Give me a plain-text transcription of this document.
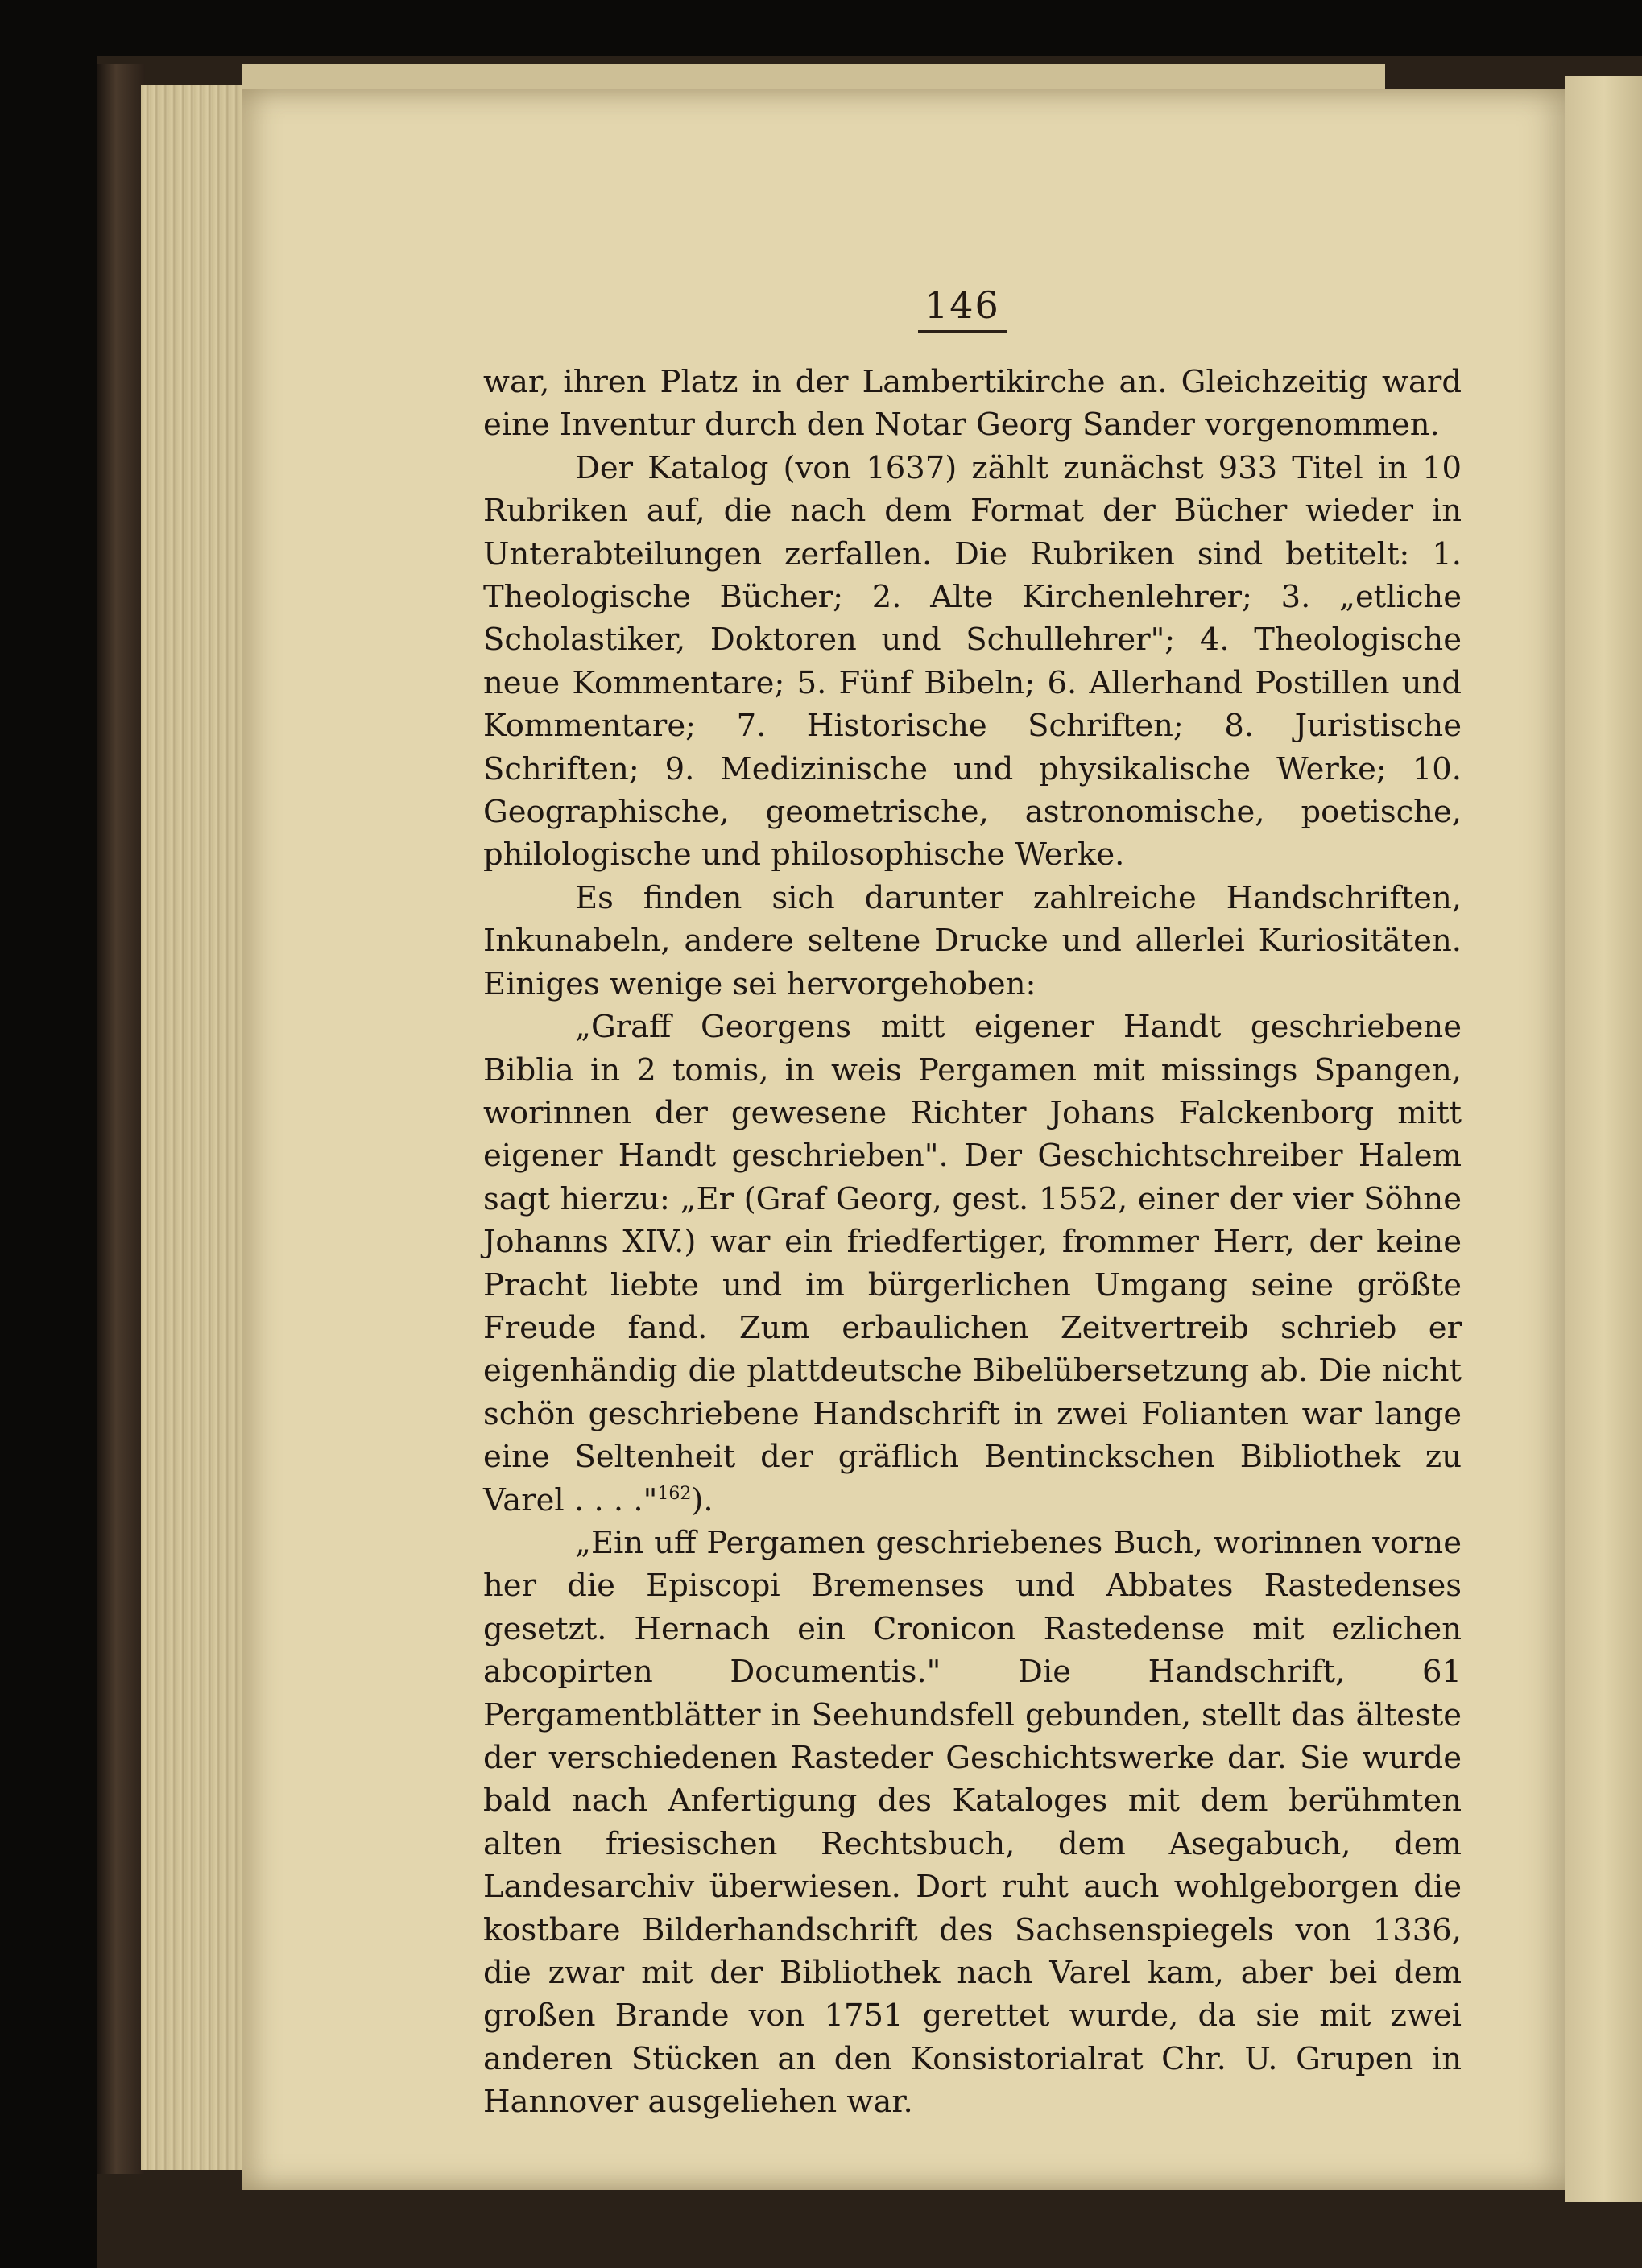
146

war, ihren Platz in der Lambertikirche an. Gleichzeitig ward eine Inventur durch den Notar Georg Sander vorgenommen.

Der Katalog (von 1637) zählt zunächst 933 Titel in 10 Rubriken auf, die nach dem Format der Bücher wieder in Unterabteilungen zerfallen. Die Rubriken sind betitelt: 1. Theologische Bücher; 2. Alte Kirchenlehrer; 3. „etliche Scholastiker, Doktoren und Schullehrer"; 4. Theologische neue Kommentare; 5. Fünf Bibeln; 6. Allerhand Postillen und Kommentare; 7. Historische Schriften; 8. Juristische Schriften; 9. Medizinische und physikalische Werke; 10. Geographische, geometrische, astronomische, poetische, philologische und philosophische Werke.

Es finden sich darunter zahlreiche Handschriften, Inkunabeln, andere seltene Drucke und allerlei Kuriositäten. Einiges wenige sei hervorgehoben:

„Graff Georgens mitt eigener Handt geschriebene Biblia in 2 tomis, in weis Pergamen mit missings Spangen, worinnen der gewesene Richter Johans Falckenborg mitt eigener Handt geschrieben". Der Geschichtschreiber Halem sagt hierzu: „Er (Graf Georg, gest. 1552, einer der vier Söhne Johanns XIV.) war ein friedfertiger, frommer Herr, der keine Pracht liebte und im bürgerlichen Umgang seine größte Freude fand. Zum erbaulichen Zeitvertreib schrieb er eigenhändig die plattdeutsche Bibelübersetzung ab. Die nicht schön geschriebene Handschrift in zwei Folianten war lange eine Seltenheit der gräflich Bentinckschen Bibliothek zu Varel . . . ."$^{162}$).

„Ein uff Pergamen geschriebenes Buch, worinnen vorne her die Episcopi Bremenses und Abbates Rastedenses gesetzt. Hernach ein Cronicon Rastedense mit ezlichen abcopirten Documentis." Die Handschrift, 61 Pergamentblätter in Seehundsfell gebunden, stellt das älteste der verschiedenen Rasteder Geschichtswerke dar. Sie wurde bald nach Anfertigung des Kataloges mit dem berühmten alten friesischen Rechtsbuch, dem Asegabuch, dem Landesarchiv überwiesen. Dort ruht auch wohlgeborgen die kostbare Bilderhandschrift des Sachsenspiegels von 1336, die zwar mit der Bibliothek nach Varel kam, aber bei dem großen Brande von 1751 gerettet wurde, da sie mit zwei anderen Stücken an den Konsistorialrat Chr. U. Grupen in Hannover ausgeliehen war.
